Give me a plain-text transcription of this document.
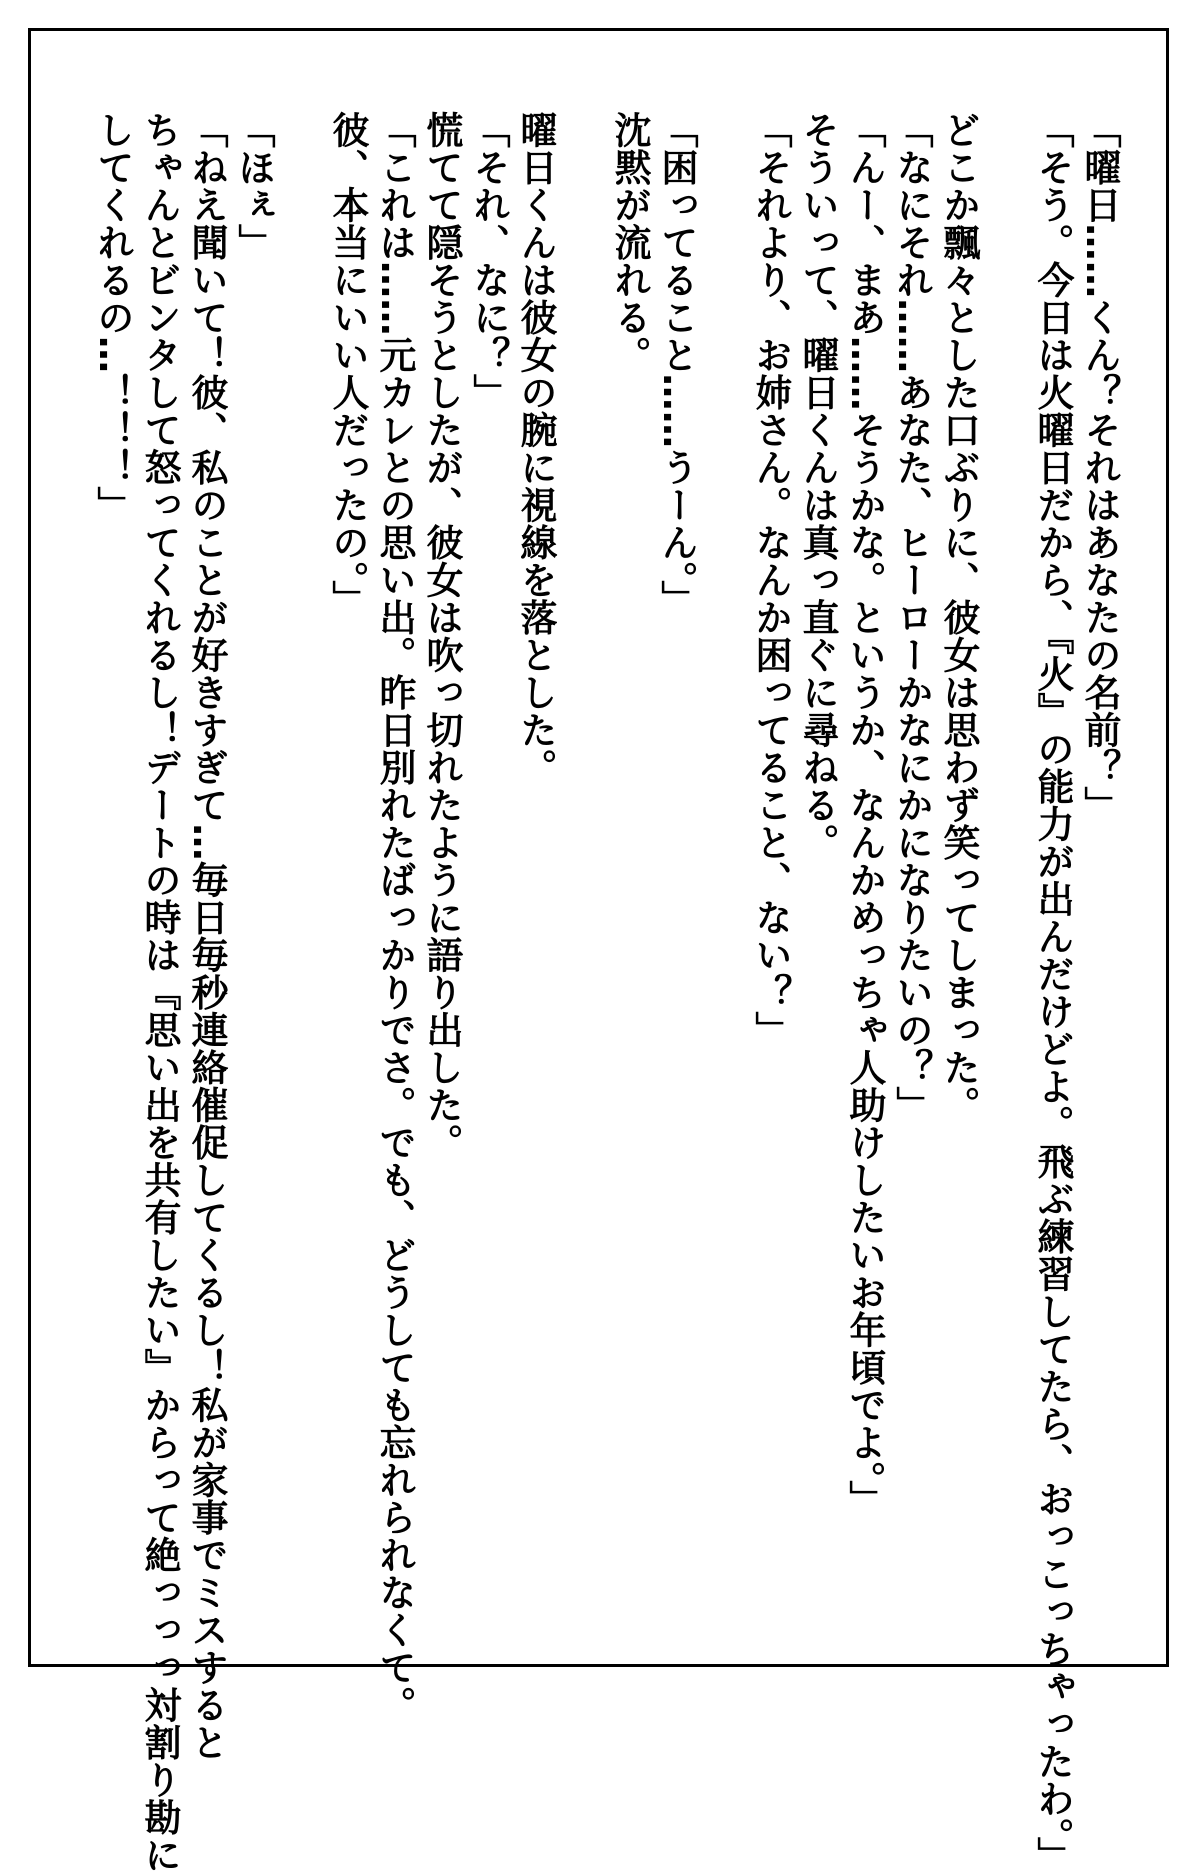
「曜日……くん？それはあなたの名前？」
「そう。今日は火曜日だから、『火』の能力が出んだけどよ。飛ぶ練習してたら、おっこっちゃったわ。」
どこか飄々とした口ぶりに、彼女は思わず笑ってしまった。
「なにそれ……あなた、ヒーローかなにかになりたいの？」
「んー、まあ……そうかな。というか、なんかめっちゃ人助けしたいお年頃でよ。」
そういって、曜日くんは真っ直ぐに尋ねる。
「それより、お姉さん。なんか困ってること、ない？」
「困ってること……うーん。」
沈黙が流れる。
曜日くんは彼女の腕に視線を落とした。
「それ、なに？」
慌てて隠そうとしたが、彼女は吹っ切れたように語り出した。
「これは……元カレとの思い出。昨日別れたばっかりでさ。でも、どうしても忘れられなくて。
彼、本当にいい人だったの。」
「ほぇ」
「ねえ聞いて！彼、私のことが好きすぎて…毎日毎秒連絡催促してくるし！私が家事でミスすると
ちゃんとビンタして怒ってくれるし！デートの時は『思い出を共有したい』からって絶っっっ対割り勘に
してくれるの…！！！」
